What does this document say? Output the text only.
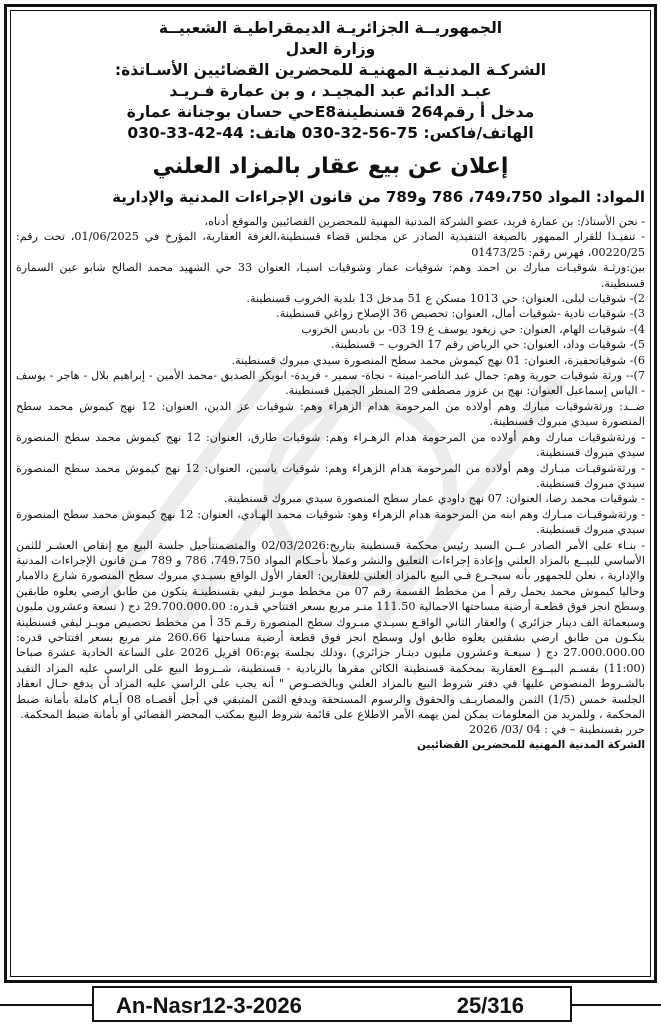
الجمهوريــة الجزائريـة الديمقراطيـة الشعبيــة

وزارة العدل

الشركـة المدنيـة المهنيـة للمحضرين القضائيين الأسـاتذة:

عبـد الدائم عبد المجيـد ، و بن عمارة فـريـد

مدخل أ رقم264 قسنطينةE8حي حسان بوجنانة عمارة

الهاتف/فاكس: 75-56-32-030 هاتف: 44-42-33-030

إعلان عن بيع عقار بالمزاد العلني

المواد: المواد 749،750، 786 و789 من قانون الإجراءات المدنية والإدارية

- نحن الأستاذ/: بن عمارة فريد، عضو الشركة المدنية المهنية للمحضرين القضائيين والموقع أدناه،

- تنفيـذا للقرار الممهور بالصيغة التنفيذية الصادر عن مجلس قضاء قسنطينة،الغرفة العقارية، المؤرخ في 01/06/2025، تحت رقم: 00220/25، فهرس رقم: 01473/25

بين:ورثـة شوقيـات مبارك بن احمد وهم: شوقيات عمار وشوقيات اسيـا، العنوان 33 حي الشهيد محمد الصالح شابو عين السمارة قسنطينة.

2)- شوقيات ليلى، العنوان: حي 1013 مسكن ع 51 مدخل 13 بلدية الخروب قسنطينة.

3)- شوقيات نادية -شوقيات أمال، العنوان: تحصيص 36 الإصلاح زواغي قسنطينة.

4)- شوقيات الهام، العنوان: حي زيغود يوسف ع 19 03- بن باديس الخروب

5)- شوقيات وداد، العنوان: حي الرياض رقم 17 الخروب – قسنطينة.

6)- شوقياتحفيزة، العنوان: 01 نهج كيموش محمد سطح المنصورة سيدي مبروك قسنطينة.

7)-- ورثة شوقيات حورية وهم: جمال عبد الناصر-امينة - نجاة- سمير - فريدة- ابوبكر الصديق -محمد الأمين - إبراهيم بلال - هاجر - يوسف - الياس إسماعيل العنوان: نهج بن عزوز مصطفى 29 المنظر الجميل قسنطينة.

ضــد: ورثةشوقيات مبارك وهم أولاده من المرحومة هدام الزهراء وهم: شوقيات عز الدين، العنوان: 12 نهج كيموش محمد سطح المنصورة سيدي مبروك قسنطينة.

- ورثةشوقيات مبارك وهم أولاده من المرحومة هدام الزهـراء وهم: شوقيات طارق، العنوان: 12 نهج كيموش محمد سطح المنصورة سيدي مبروك قسنطينة.

- ورثةشوقيـات مبـارك وهم أولاده من المرحومة هدام الزهراء وهم: شوقيات ياسين، العنوان: 12 نهج كيموش محمد سطح المنصورة سيدي مبروك قسنطينة.

- شوقيات محمد رضا، العنوان: 07 نهج داودي عمار سطح المنصورة سيدي مبروك قسنطينة.

- ورثةشوقيـات مبـارك وهم ابنه من المرحومة هدام الزهراء وهو: شوقيات محمد الهـادي، العنوان: 12 نهج كيموش محمد سطح المنصورة سيدي مبروك قسنطينة.

- بنـاء على الأمر الصادر عــن السيد رئيس محكمة قسنطينة بتاريخ:02/03/2026 والمتضمنتأجيل جلسة البيع مع إنقاص العشـر للثمن الأساسي للبيــع بالمزاد العلني وإعادة إجراءات التعليق والنشر وعملا بأحـكام المواد 749،750، 786 و 789 مـن قانون الإجراءات المدنية والإدارية ، نعلن للجمهور بأنه سيجـرع فـي البيع بالمزاد العلني للعقارين: العقار الأول الواقع بسيـدي مبروك سطح المنصورة شارع دالامبار وحاليا كيموش محمد يحمل رقم أ من مخطط القسمة رقم 07 من مخطط مويـز ليفي بقسنطينـة يتكون من طابق ارضي يعلوه طابقين وسطح انجز فوق قطعـة أرضية مساحتها الاجمالية 111.50 متـر مربع بسعر افتتاحي قـدره: 29.700.000.00 دج ( تسعة وعشرون مليون وسبعمائة الف دينار جزائري ) والعقار الثاني الواقـع بسيـدي مبـروك سطح المنصورة رقـم 35 أ من مخطط تحصيص مويـز ليفي قسنطينة يتكـون من طابق ارضي بشقتين يعلوه طابق اول وسطح انجز فوق قطعة أرضية مساحتها 260.66 متر مربع بسعر افتتاحي قدره: 27.000.000.00 دج ( سبعـة وعشرون مليون دينـار جزائري) ،وذلك بجلسة يوم:06 افريل 2026 على الساعة الحادية عشرة صباحا (11:00) بقسـم البيــوع العقارية بمحكمة قسنطينة الكائن مقرها بالزيادية - قسنطينة، شــروط البيع على الراسي عليه المزاد التقيد بالشـروط المنصوص عليها في دفتر شروط البيع بالمزاد العلني وبالخصـوص " أنه يجب على الراسي عليه المزاد أن يدفع حـال انعقاد الجلسة خمس (1/5) الثمن والمصاريـف والحقوق والرسوم المستحقة ويدفع الثمن المتبقي في أجل أقصـاه 08 أيـام كاملة بأمانة ضبط المحكمة ، وللمزيد من المعلومات يمكن لمن يهمه الأمر الاطلاع على قائمة شروط البيع بمكتب المحضر القضائي أو بأمانة ضبط المحكمة.

حرر بقسنطينة – في : 04 /03/ 2026

الشركة المدنية المهنية للمحضرين القضائيين

An-Nasr12-3-2026	25/316
